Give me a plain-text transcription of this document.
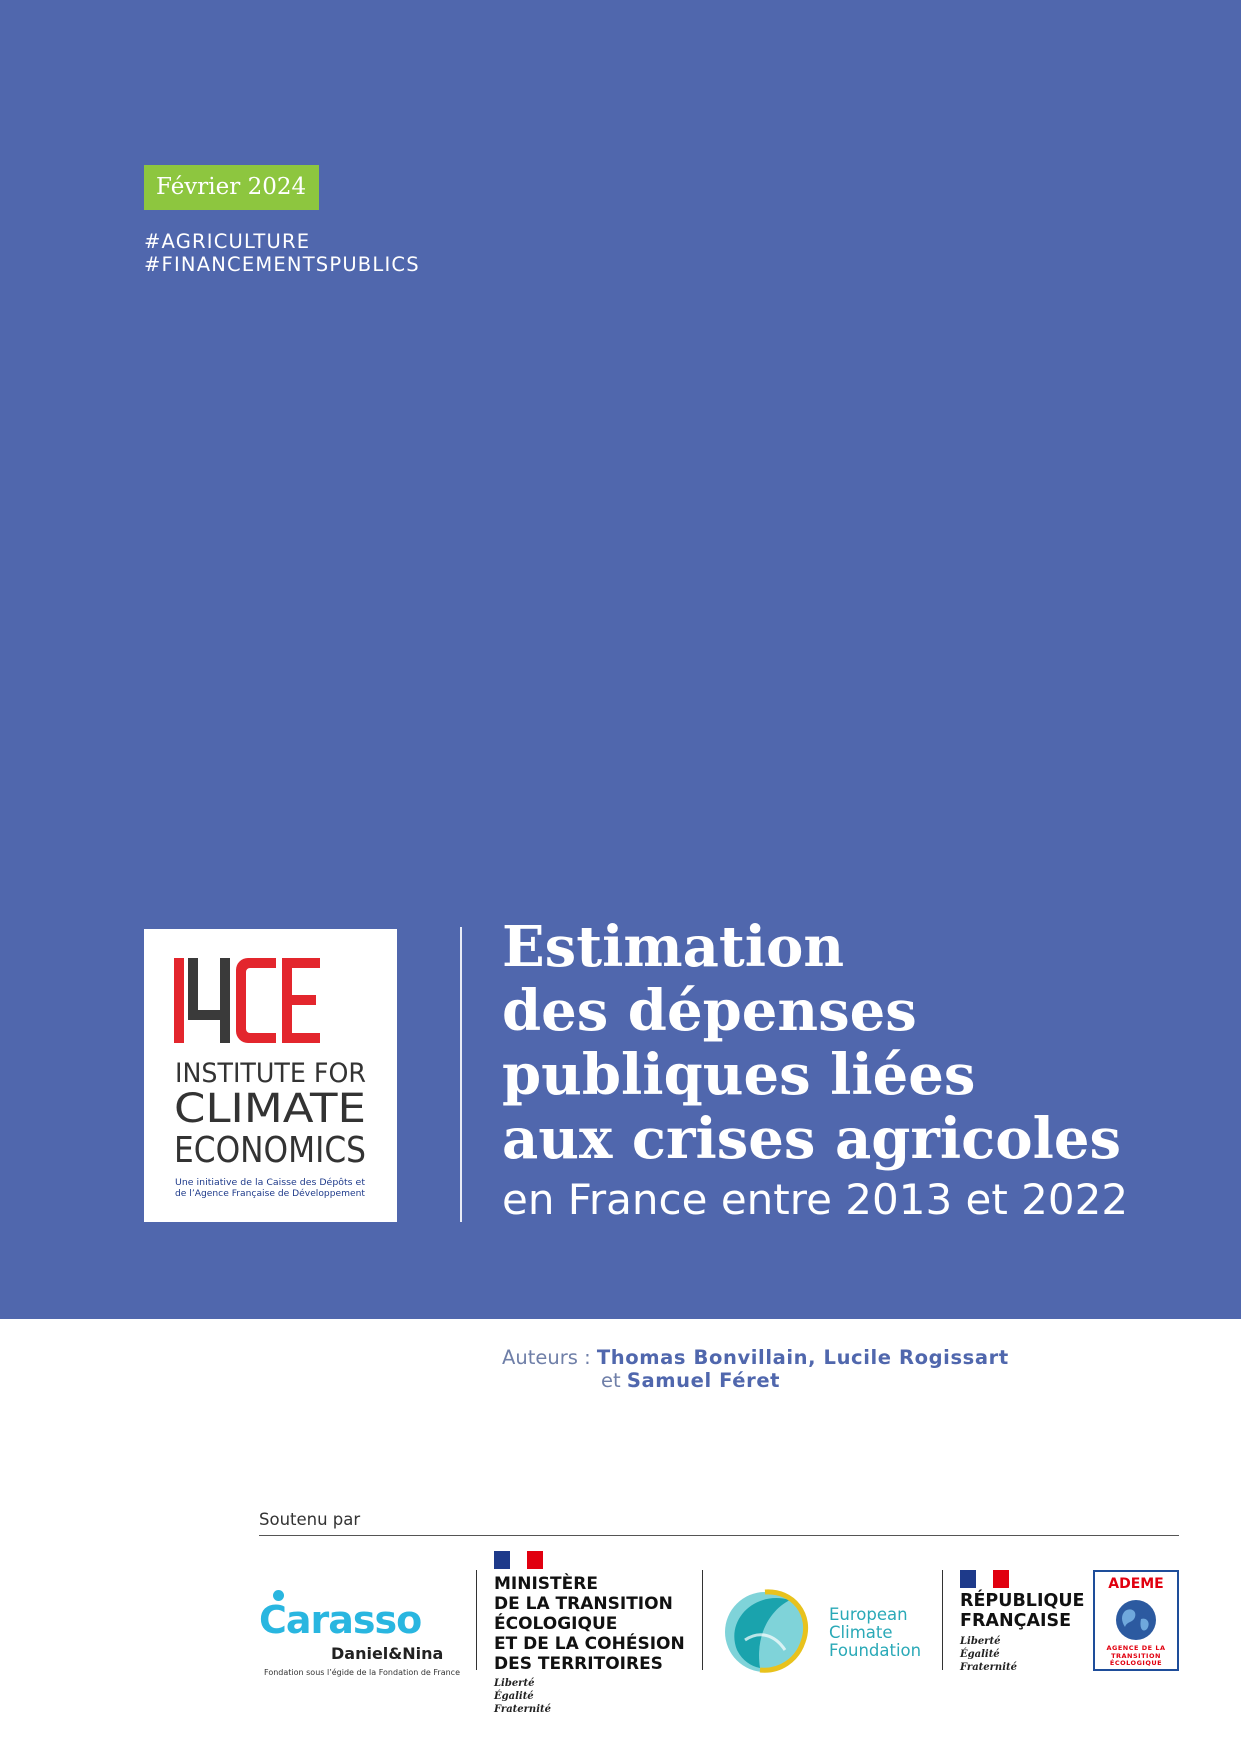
Février 2024
#AGRICULTURE
#FINANCEMENTSPUBLICS
INSTITUTE FOR
CLIMATE
ECONOMICS
Une initiative de la Caisse des Dépôts et
de l’Agence Française de Développement
Estimation
des dépenses
publiques liées
aux crises agricoles
en France entre 2013 et 2022
Auteurs : Thomas Bonvillain, Lucile Rogissart
et Samuel Féret
Soutenu par
Carasso
Daniel&Nina
Fondation sous l’égide de la Fondation de France
MINISTÈRE
DE LA TRANSITION
ÉCOLOGIQUE
ET DE LA COHÉSION
DES TERRITOIRES
Liberté
Égalité
Fraternité
European
Climate
Foundation
RÉPUBLIQUE
FRANÇAISE
Liberté
Égalité
Fraternité
ADEME
AGENCE DE LA
TRANSITION
ÉCOLOGIQUE
